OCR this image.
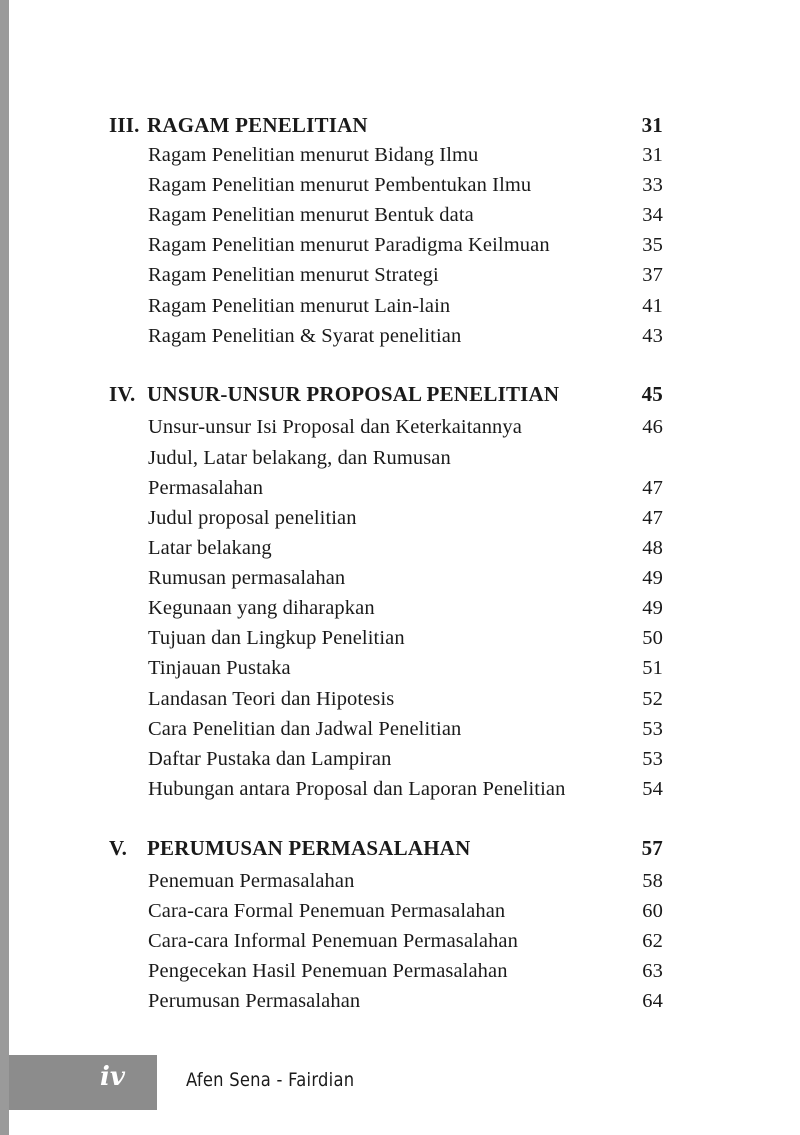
III. RAGAM PENELITIAN	31
Ragam Penelitian menurut Bidang Ilmu	31
Ragam Penelitian menurut Pembentukan Ilmu	33
Ragam Penelitian menurut Bentuk data	34
Ragam Penelitian menurut Paradigma Keilmuan	35
Ragam Penelitian menurut Strategi	37
Ragam Penelitian menurut Lain-lain	41
Ragam Penelitian & Syarat penelitian	43
IV. UNSUR-UNSUR PROPOSAL PENELITIAN	45
Unsur-unsur Isi Proposal dan Keterkaitannya	46
Judul, Latar belakang, dan Rumusan
Permasalahan	47
Judul proposal penelitian	47
Latar belakang	48
Rumusan permasalahan	49
Kegunaan yang diharapkan	49
Tujuan dan Lingkup Penelitian	50
Tinjauan Pustaka	51
Landasan Teori dan Hipotesis	52
Cara Penelitian dan Jadwal Penelitian	53
Daftar Pustaka dan Lampiran	53
Hubungan antara Proposal dan Laporan Penelitian	54
V. PERUMUSAN PERMASALAHAN	57
Penemuan Permasalahan	58
Cara-cara Formal Penemuan Permasalahan	60
Cara-cara Informal Penemuan Permasalahan	62
Pengecekan Hasil Penemuan Permasalahan	63
Perumusan Permasalahan	64
iv	Afen Sena - Fairdian
